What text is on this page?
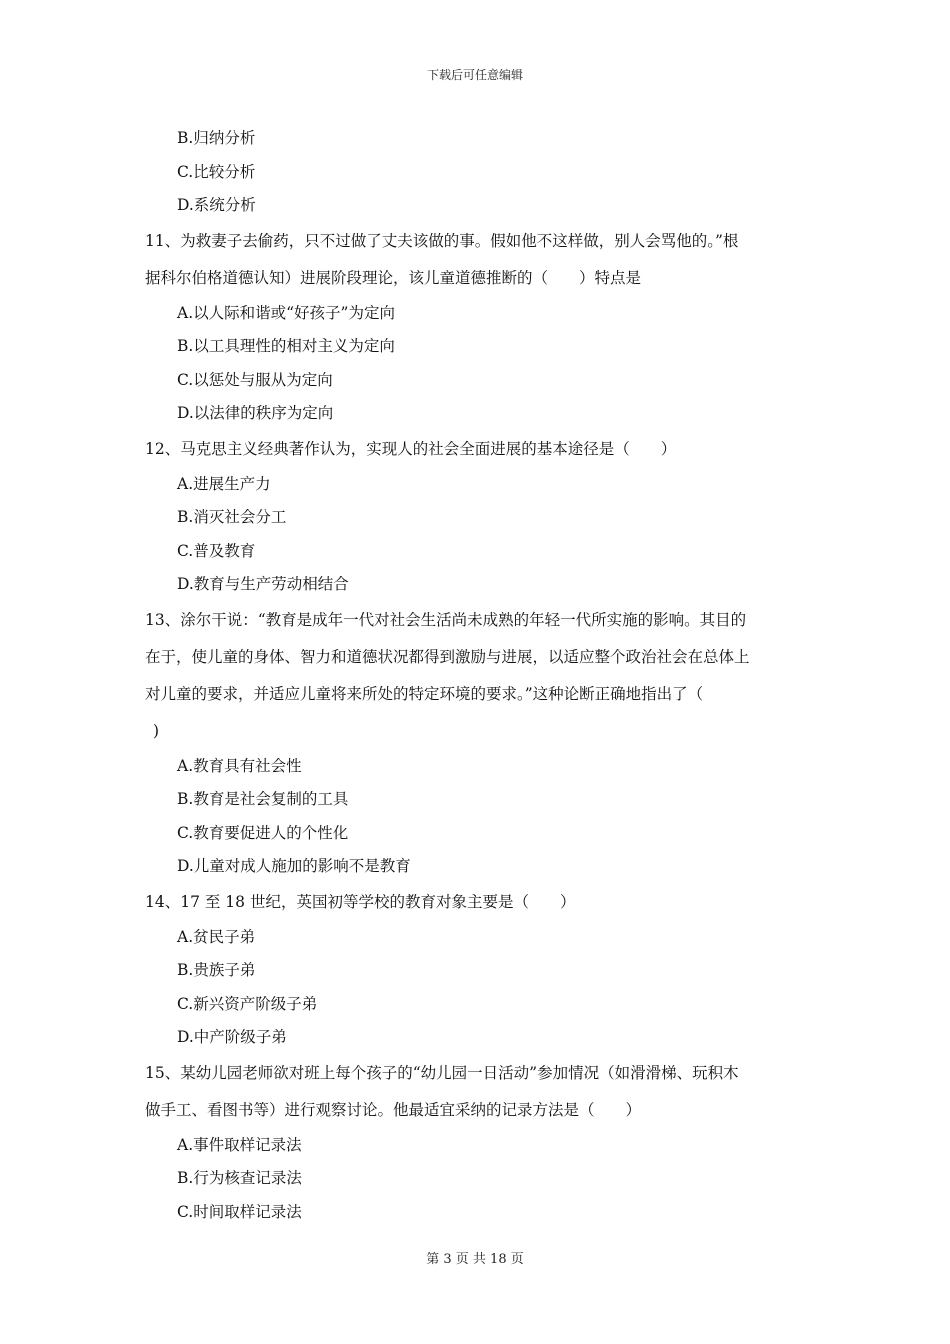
下载后可任意编辑
B.归纳分析
C.比较分析
D.系统分析
11、为救妻子去偷药，只不过做了丈夫该做的事。假如他不这样做，别人会骂他的。”根
据科尔伯格道德认知）进展阶段理论，该儿童道德推断的（　　）特点是
A.以人际和谐或“好孩子”为定向
B.以工具理性的相对主义为定向
C.以惩处与服从为定向
D.以法律的秩序为定向
12、马克思主义经典著作认为，实现人的社会全面进展的基本途径是（　　）
A.进展生产力
B.消灭社会分工
C.普及教育
D.教育与生产劳动相结合
13、涂尔干说：“教育是成年一代对社会生活尚未成熟的年轻一代所实施的影响。其目的
在于，使儿童的身体、智力和道德状况都得到激励与进展，以适应整个政治社会在总体上
对儿童的要求，并适应儿童将来所处的特定环境的要求。”这种论断正确地指出了（
)
A.教育具有社会性
B.教育是社会复制的工具
C.教育要促进人的个性化
D.儿童对成人施加的影响不是教育
14、17 至 18 世纪，英国初等学校的教育对象主要是（　　）
A.贫民子弟
B.贵族子弟
C.新兴资产阶级子弟
D.中产阶级子弟
15、某幼儿园老师欲对班上每个孩子的“幼儿园一日活动”参加情况（如滑滑梯、玩积木
做手工、看图书等）进行观察讨论。他最适宜采纳的记录方法是（　　）
A.事件取样记录法
B.行为核查记录法
C.时间取样记录法
第 3 页 共 18 页
